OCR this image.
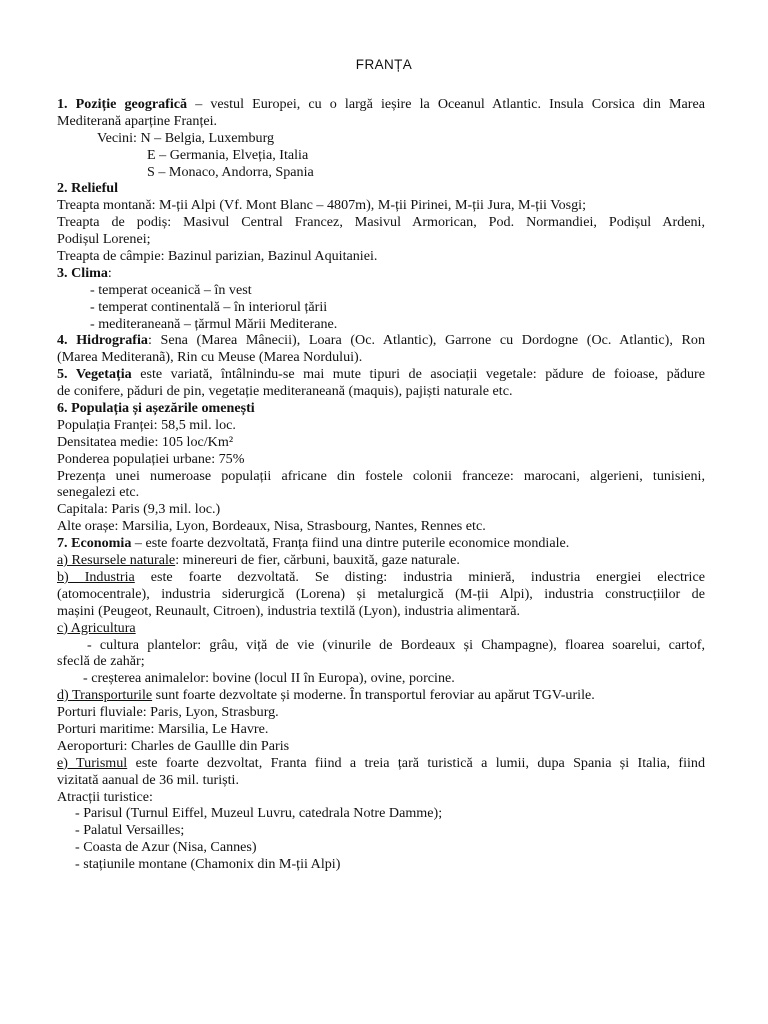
FRANȚA
1. Poziție geografică – vestul Europei, cu o largă ieșire la Oceanul Atlantic. Insula Corsica din Marea
Mediterană aparține Franței.
Vecini: N – Belgia, Luxemburg
E – Germania, Elveția, Italia
S – Monaco, Andorra, Spania
2. Relieful
Treapta montană: M-ții Alpi (Vf. Mont Blanc – 4807m), M-ții Pirinei, M-ții Jura, M-ții Vosgi;
Treapta de podiș: Masivul Central Francez, Masivul Armorican, Pod. Normandiei, Podișul Ardeni,
Podișul Lorenei;
Treapta de câmpie: Bazinul parizian, Bazinul Aquitaniei.
3. Clima:
- temperat oceanică – în vest
- temperat continentală – în interiorul țării
- mediteraneană – țărmul Mării Mediterane.
4. Hidrografia: Sena (Marea Mânecii), Loara (Oc. Atlantic), Garrone cu Dordogne (Oc. Atlantic), Ron
(Marea Mediteranã), Rin cu Meuse (Marea Nordului).
5. Vegetația este variată, întâlnindu-se mai mute tipuri de asociații vegetale: pădure de foioase, pădure
de conifere, păduri de pin, vegetație mediteraneană (maquis), pajiști naturale etc.
6. Populația și așezările omenești
Populația Franței: 58,5 mil. loc.
Densitatea medie: 105 loc/Km²
Ponderea populației urbane: 75%
Prezența unei numeroase populații africane din fostele colonii franceze: marocani, algerieni, tunisieni,
senegalezi etc.
Capitala: Paris (9,3 mil. loc.)
Alte orașe: Marsilia, Lyon, Bordeaux, Nisa, Strasbourg, Nantes, Rennes etc.
7. Economia – este foarte dezvoltată, Franța fiind una dintre puterile economice mondiale.
a) Resursele naturale: minereuri de fier, cărbuni, bauxită, gaze naturale.
b) Industria este foarte dezvoltată. Se disting: industria minieră, industria energiei electrice
(atomocentrale), industria siderurgică (Lorena) și metalurgică (M-ții Alpi), industria construcțiilor de
mașini (Peugeot, Reunault, Citroen), industria textilă (Lyon), industria alimentară.
c) Agricultura
- cultura plantelor: grâu, viță de vie (vinurile de Bordeaux și Champagne), floarea soarelui, cartof,
sfeclă de zahăr;
- creșterea animalelor: bovine (locul II în Europa), ovine, porcine.
d) Transporturile sunt foarte dezvoltate și moderne. În transportul feroviar au apărut TGV-urile.
Porturi fluviale: Paris, Lyon, Strasburg.
Porturi maritime: Marsilia, Le Havre.
Aeroporturi: Charles de Gaullle din Paris
e) Turismul este foarte dezvoltat, Franta fiind a treia țară turistică a lumii, dupa Spania și Italia, fiind
vizitată aanual de 36 mil. turiști.
Atracții turistice:
- Parisul (Turnul Eiffel, Muzeul Luvru, catedrala Notre Damme);
- Palatul Versailles;
- Coasta de Azur (Nisa, Cannes)
- stațiunile montane (Chamonix din M-ții Alpi)
